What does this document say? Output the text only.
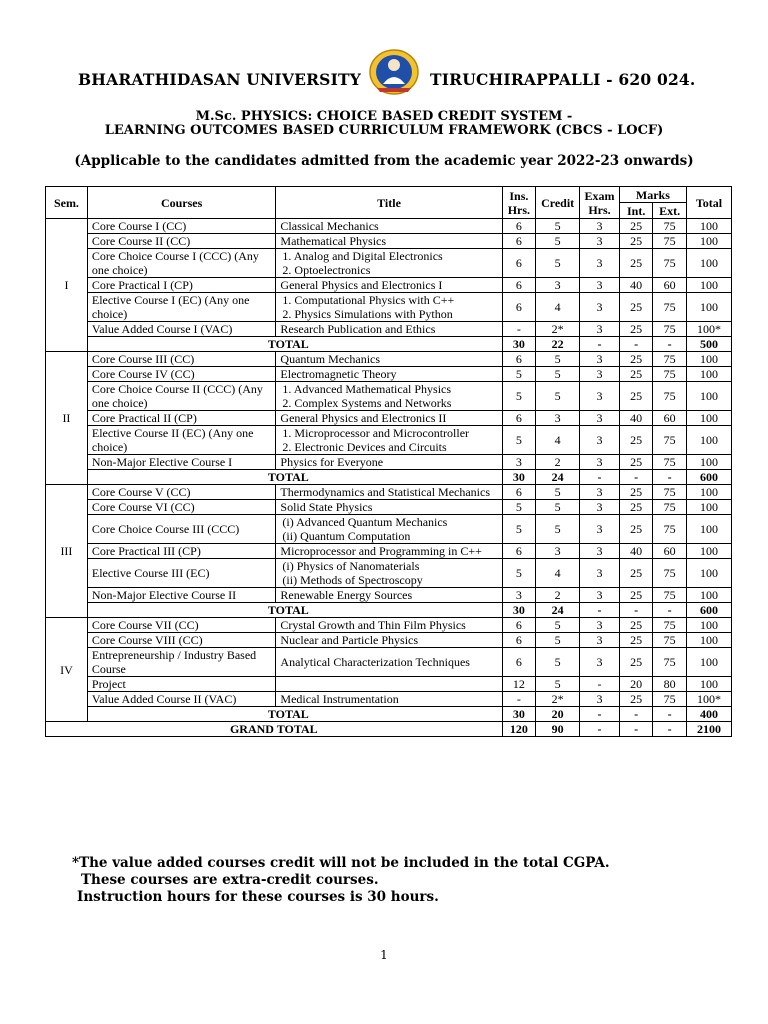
BHARATHIDASAN UNIVERSITY	TIRUCHIRAPPALLI - 620 024.
M.Sc. PHYSICS: CHOICE BASED CREDIT SYSTEM -
LEARNING OUTCOMES BASED CURRICULUM FRAMEWORK (CBCS - LOCF)
(Applicable to the candidates admitted from the academic year 2022-23 onwards)
Sem.	Courses	Title	Ins. Hrs.	Credit	Exam Hrs.	Marks		Total
						Int.	Ext.	
I	Core Course I (CC)	Classical Mechanics	6	5	3	25	75	100
	Core Course II (CC)	Mathematical Physics	6	5	3	25	75	100
	Core Choice Course I (CCC) (Any one choice)	1. Analog and Digital Electronics
2. Optoelectronics	6	5	3	25	75	100
	Core Practical I (CP)	General Physics and Electronics I	6	3	3	40	60	100
	Elective Course I (EC) (Any one choice)	1. Computational Physics with C++
2. Physics Simulations with Python	6	4	3	25	75	100
	Value Added Course I (VAC)	Research Publication and Ethics	-	2*	3	25	75	100*
	TOTAL		30	22	-	-	-	500
II	Core Course III (CC)	Quantum Mechanics	6	5	3	25	75	100
	Core Course IV (CC)	Electromagnetic Theory	5	5	3	25	75	100
	Core Choice Course II (CCC) (Any one choice)	1. Advanced Mathematical Physics
2. Complex Systems and Networks	5	5	3	25	75	100
	Core Practical II (CP)	General Physics and Electronics II	6	3	3	40	60	100
	Elective Course II (EC) (Any one choice)	1. Microprocessor and Microcontroller
2. Electronic Devices and Circuits	5	4	3	25	75	100
	Non-Major Elective Course I	Physics for Everyone	3	2	3	25	75	100
	TOTAL		30	24	-	-	-	600
III	Core Course V (CC)	Thermodynamics and Statistical Mechanics	6	5	3	25	75	100
	Core Course VI (CC)	Solid State Physics	5	5	3	25	75	100
	Core Choice Course III (CCC)	(i) Advanced Quantum Mechanics
(ii) Quantum Computation	5	5	3	25	75	100
	Core Practical III (CP)	Microprocessor and Programming in C++	6	3	3	40	60	100
	Elective Course III (EC)	(i) Physics of Nanomaterials
(ii) Methods of Spectroscopy	5	4	3	25	75	100
	Non-Major Elective Course II	Renewable Energy Sources	3	2	3	25	75	100
	TOTAL		30	24	-	-	-	600
IV	Core Course VII (CC)	Crystal Growth and Thin Film Physics	6	5	3	25	75	100
	Core Course VIII (CC)	Nuclear and Particle Physics	6	5	3	25	75	100
	Entrepreneurship / Industry Based Course	Analytical Characterization Techniques	6	5	3	25	75	100
	Project		12	5	-	20	80	100
	Value Added Course II (VAC)	Medical Instrumentation	-	2*	3	25	75	100*
	TOTAL		30	20	-	-	-	400
GRAND TOTAL			120	90	-	-	-	2100
*The value added courses credit will not be included in the total CGPA.
These courses are extra-credit courses.
Instruction hours for these courses is 30 hours.
1
